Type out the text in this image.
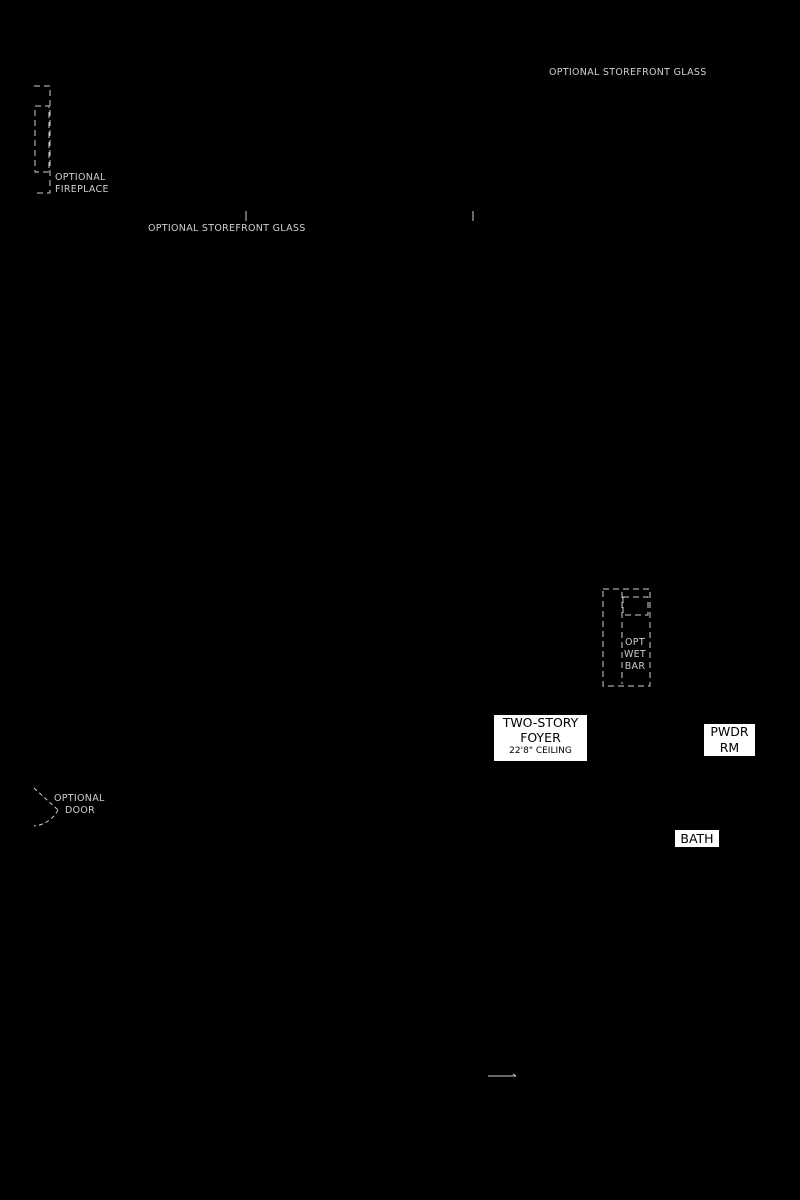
OPTIONAL STOREFRONT GLASS
OPTIONAL
FIREPLACE
OPTIONAL STOREFRONT GLASS
OPT
WET
BAR
OPTIONAL
DOOR
TWO-STORY
FOYER
22'8" CEILING
PWDR
RM
BATH
